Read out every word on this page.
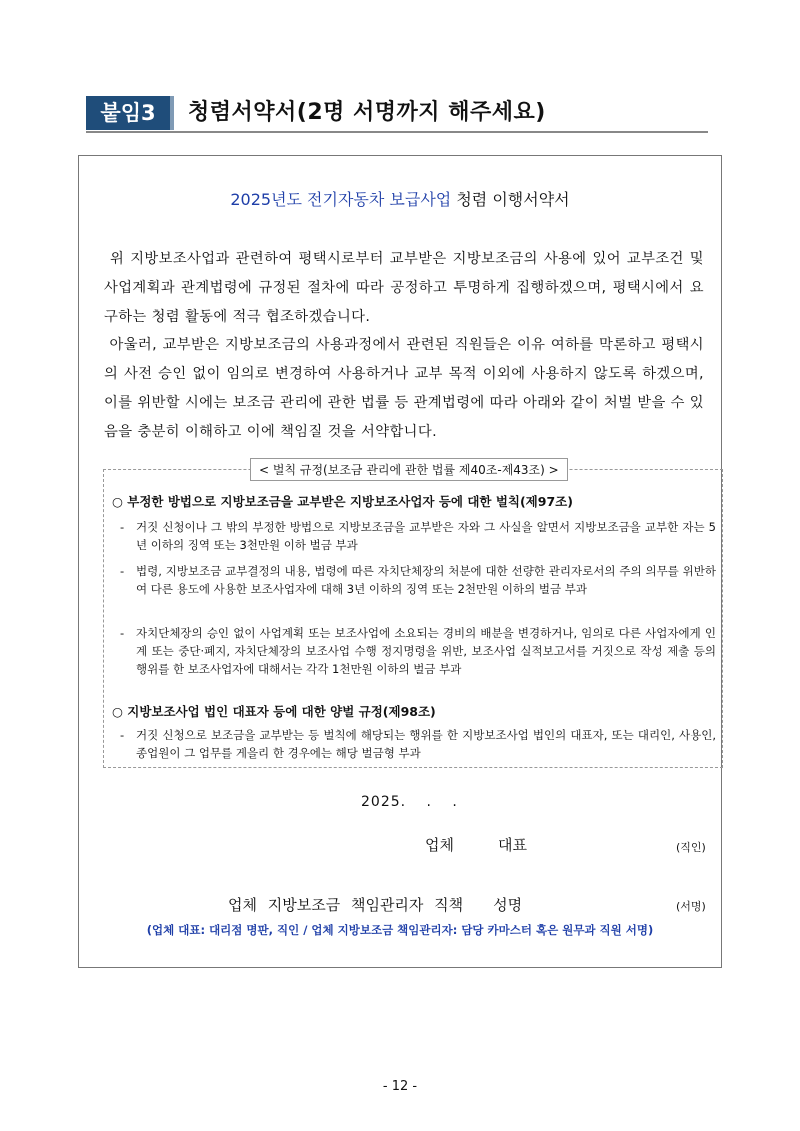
붙임3	청렴서약서(2명 서명까지 해주세요)
2025년도 전기자동차 보급사업 청렴 이행서약서
위 지방보조사업과 관련하여 평택시로부터 교부받은 지방보조금의 사용에 있어 교부조건 및 사업계획과 관계법령에 규정된 절차에 따라 공정하고 투명하게 집행하겠으며, 평택시에서 요구하는 청렴 활동에 적극 협조하겠습니다.
아울러, 교부받은 지방보조금의 사용과정에서 관련된 직원들은 이유 여하를 막론하고 평택시의 사전 승인 없이 임의로 변경하여 사용하거나 교부 목적 이외에 사용하지 않도록 하겠으며, 이를 위반할 시에는 보조금 관리에 관한 법률 등 관계법령에 따라 아래와 같이 처벌 받을 수 있음을 충분히 이해하고 이에 책임질 것을 서약합니다.
< 벌칙 규정(보조금 관리에 관한 법률 제40조-제43조) >
○ 부정한 방법으로 지방보조금을 교부받은 지방보조사업자 등에 대한 벌칙(제97조)
- 거짓 신청이나 그 밖의 부정한 방법으로 지방보조금을 교부받은 자와 그 사실을 알면서 지방보조금을 교부한 자는 5년 이하의 징역 또는 3천만원 이하 벌금 부과
- 법령, 지방보조금 교부결정의 내용, 법령에 따른 자치단체장의 처분에 대한 선량한 관리자로서의 주의 의무를 위반하여 다른 용도에 사용한 보조사업자에 대해 3년 이하의 징역 또는 2천만원 이하의 벌금 부과
- 자치단체장의 승인 없이 사업계획 또는 보조사업에 소요되는 경비의 배분을 변경하거나, 임의로 다른 사업자에게 인계 또는 중단·폐지, 자치단체장의 보조사업 수행 정지명령을 위반, 보조사업 실적보고서를 거짓으로 작성 제출 등의 행위를 한 보조사업자에 대해서는 각각 1천만원 이하의 벌금 부과
○ 지방보조사업 법인 대표자 등에 대한 양벌 규정(제98조)
- 거짓 신청으로 보조금을 교부받는 등 벌칙에 해당되는 행위를 한 지방보조사업 법인의 대표자, 또는 대리인, 사용인, 종업원이 그 업무를 게을리 한 경우에는 해당 벌금형 부과
2025.　 .　 .
업체	대표	(직인)
업체 지방보조금 책임관리자 직책 성명	(서명)
(업체 대표: 대리점 명판, 직인 / 업체 지방보조금 책임관리자: 담당 카마스터 혹은 원무과 직원 서명)
- 12 -
